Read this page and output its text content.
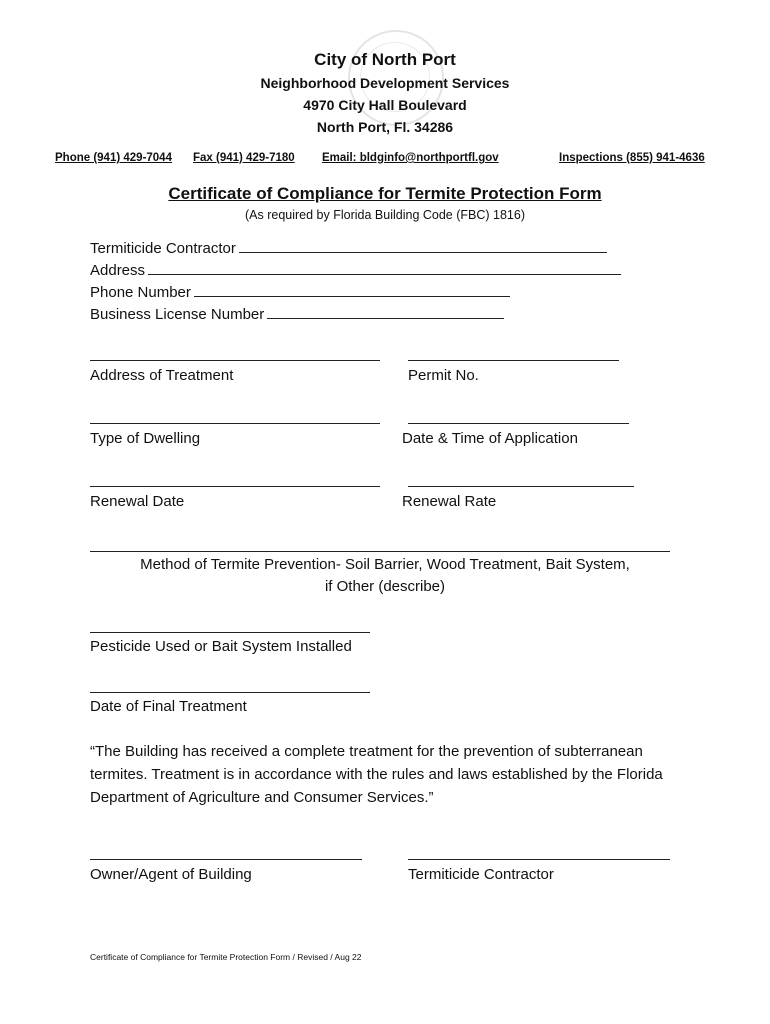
City of North Port
Neighborhood Development Services
4970 City Hall Boulevard
North Port, Fl. 34286
Phone (941) 429-7044 Fax (941) 429-7180 Email: bldginfo@northportfl.gov	Inspections (855) 941-4636
Certificate of Compliance for Termite Protection Form
(As required by Florida Building Code (FBC) 1816)
Termiticide Contractor
Address
Phone Number
Business License Number
Address of Treatment	Permit No.
Type of Dwelling	Date & Time of Application
Renewal Date	Renewal Rate
Method of Termite Prevention- Soil Barrier, Wood Treatment, Bait System,
if Other (describe)
Pesticide Used or Bait System Installed
Date of Final Treatment
“The Building has received a complete treatment for the prevention of subterranean termites. Treatment is in accordance with the rules and laws established by the Florida Department of Agriculture and Consumer Services.”
Owner/Agent of Building	Termiticide Contractor
Certificate of Compliance for Termite Protection Form / Revised / Aug 22
